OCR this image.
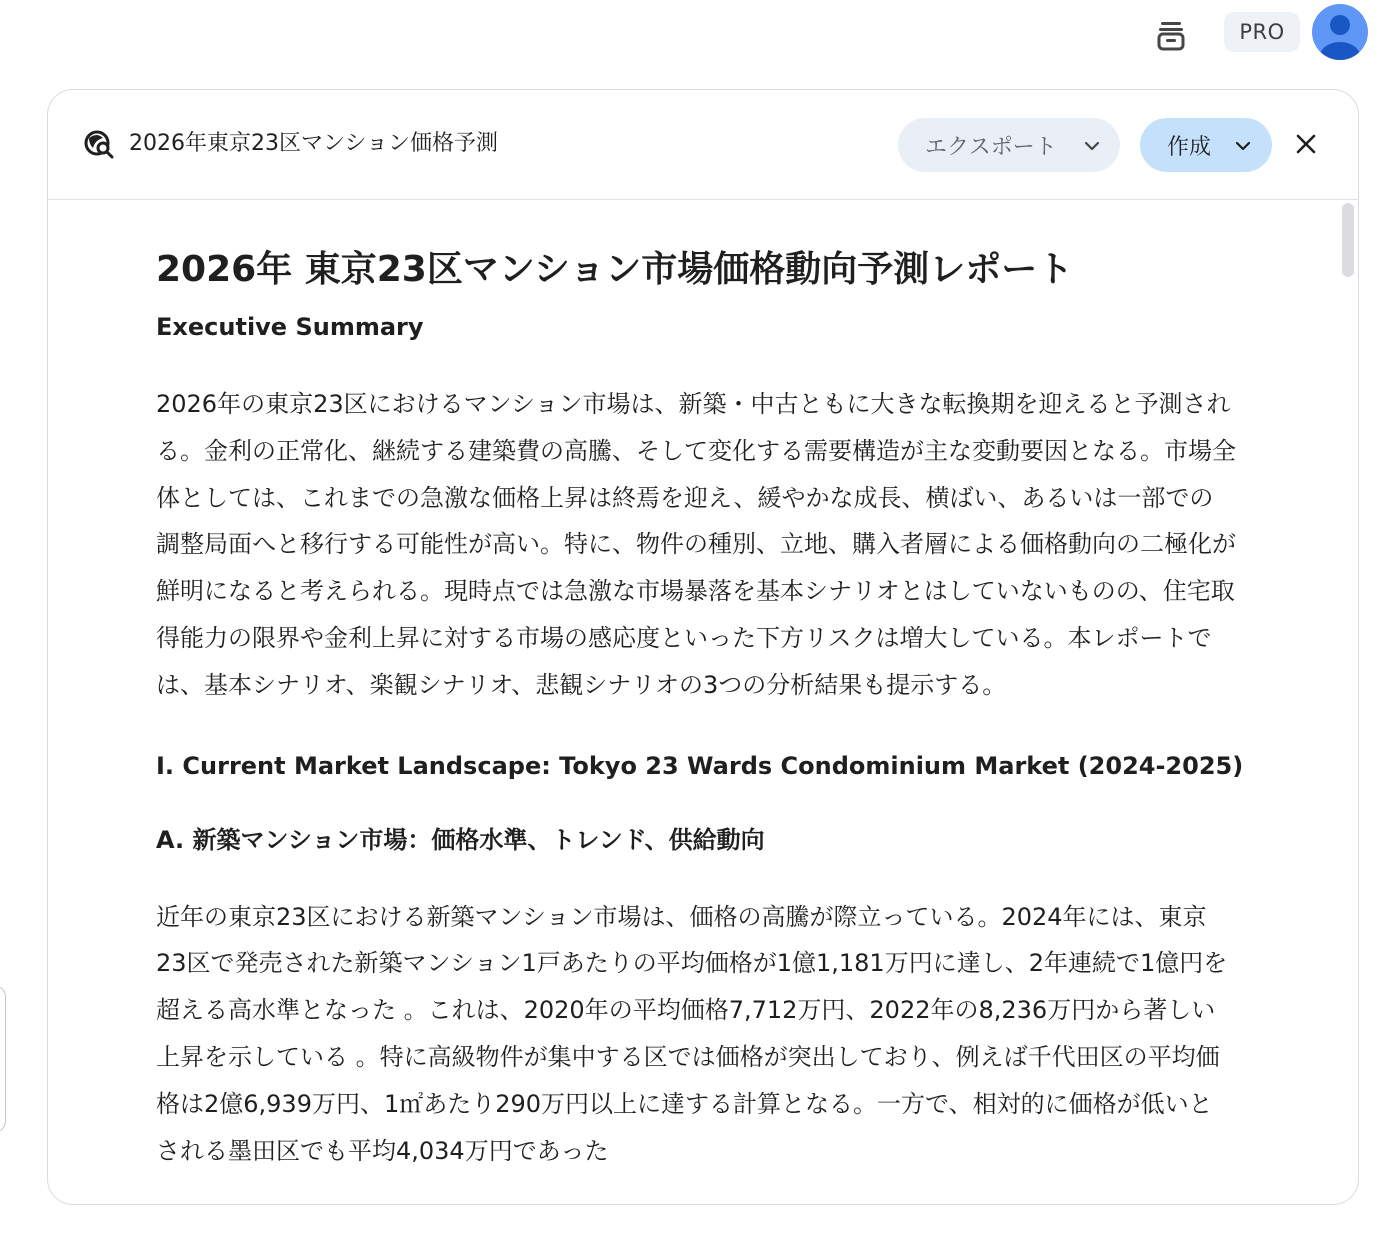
PRO
2026年東京23区マンション価格予測	エクスポート	作成
2026年 東京23区マンション市場価格動向予測レポート
Executive Summary

2026年の東京23区におけるマンション市場は、新築・中古ともに大きな転換期を迎えると予測される。金利の正常化、継続する建築費の高騰、そして変化する需要構造が主な変動要因となる。市場全体としては、これまでの急激な価格上昇は終焉を迎え、緩やかな成長、横ばい、あるいは一部での調整局面へと移行する可能性が高い。特に、物件の種別、立地、購入者層による価格動向の二極化が鮮明になると考えられる。現時点では急激な市場暴落を基本シナリオとはしていないものの、住宅取得能力の限界や金利上昇に対する市場の感応度といった下方リスクは増大している。本レポートでは、基本シナリオ、楽観シナリオ、悲観シナリオの3つの分析結果も提示する。

I. Current Market Landscape: Tokyo 23 Wards Condominium Market (2024-2025)
A. 新築マンション市場：価格水準、トレンド、供給動向

近年の東京23区における新築マンション市場は、価格の高騰が際立っている。2024年には、東京23区で発売された新築マンション1戸あたりの平均価格が1億1,181万円に達し、2年連続で1億円を超える高水準となった 。これは、2020年の平均価格7,712万円、2022年の8,236万円から著しい上昇を示している 。特に高級物件が集中する区では価格が突出しており、例えば千代田区の平均価格は2億6,939万円、1㎡あたり290万円以上に達する計算となる。一方で、相対的に価格が低いとされる墨田区でも平均4,034万円であった
